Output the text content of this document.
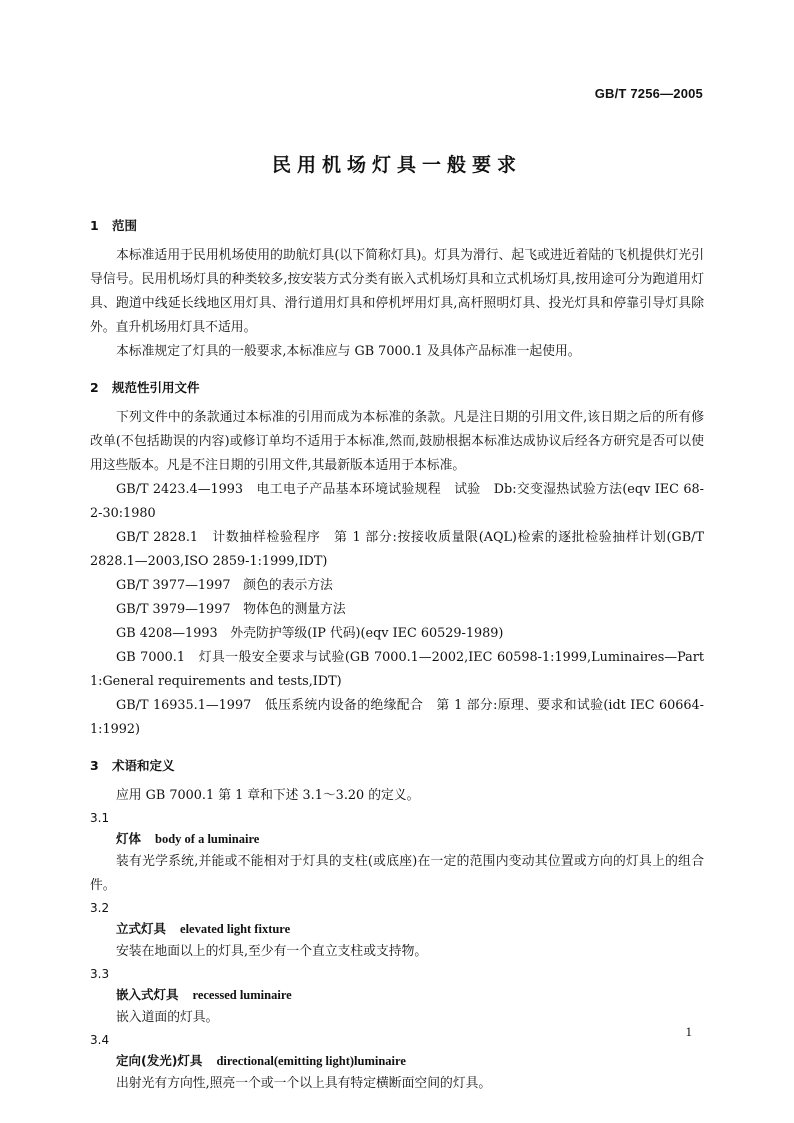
GB/T 7256—2005
民用机场灯具一般要求
1 范围

本标准适用于民用机场使用的助航灯具(以下简称灯具)。灯具为滑行、起飞或进近着陆的飞机提供灯光引导信号。民用机场灯具的种类较多,按安装方式分类有嵌入式机场灯具和立式机场灯具,按用途可分为跑道用灯具、跑道中线延长线地区用灯具、滑行道用灯具和停机坪用灯具,高杆照明灯具、投光灯具和停靠引导灯具除外。直升机场用灯具不适用。

本标准规定了灯具的一般要求,本标准应与 GB 7000.1 及具体产品标准一起使用。

2 规范性引用文件

下列文件中的条款通过本标准的引用而成为本标准的条款。凡是注日期的引用文件,该日期之后的所有修改单(不包括勘误的内容)或修订单均不适用于本标准,然而,鼓励根据本标准达成协议后经各方研究是否可以使用这些版本。凡是不注日期的引用文件,其最新版本适用于本标准。

GB/T 2423.4—1993　电工电子产品基本环境试验规程　试验　Db:交变湿热试验方法(eqv IEC 68-2-30:1980

GB/T 2828.1　计数抽样检验程序　第 1 部分:按接收质量限(AQL)检索的逐批检验抽样计划(GB/T 2828.1—2003,ISO 2859-1:1999,IDT)

GB/T 3977—1997　颜色的表示方法

GB/T 3979—1997　物体色的测量方法

GB 4208—1993　外壳防护等级(IP 代码)(eqv IEC 60529-1989)

GB 7000.1　灯具一般安全要求与试验(GB 7000.1—2002,IEC 60598-1:1999,Luminaires—Part 1:General requirements and tests,IDT)

GB/T 16935.1—1997　低压系统内设备的绝缘配合　第 1 部分:原理、要求和试验(idt IEC 60664-1:1992)

3 术语和定义

应用 GB 7000.1 第 1 章和下述 3.1～3.20 的定义。

3.1
灯体 body of a luminaire

装有光学系统,并能或不能相对于灯具的支柱(或底座)在一定的范围内变动其位置或方向的灯具上的组合件。

3.2
立式灯具 elevated light fixture

安装在地面以上的灯具,至少有一个直立支柱或支持物。

3.3
嵌入式灯具 recessed luminaire

嵌入道面的灯具。

3.4
定向(发光)灯具 directional(emitting light)luminaire

出射光有方向性,照亮一个或一个以上具有特定横断面空间的灯具。

1
